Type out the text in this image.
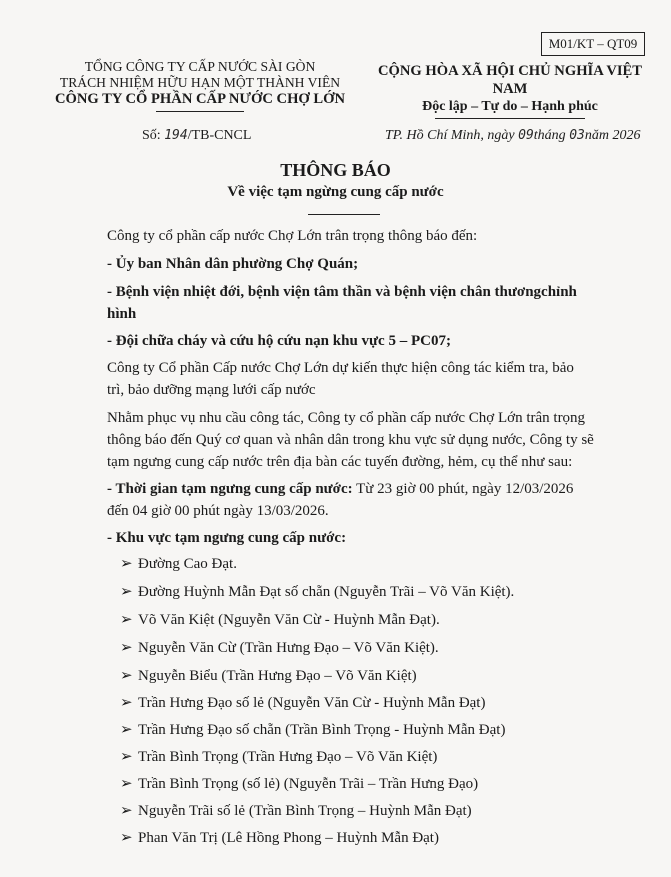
M01/KT – QT09
TỔNG CÔNG TY CẤP NƯỚC SÀI GÒN
TRÁCH NHIỆM HỮU HẠN MỘT THÀNH VIÊN
CÔNG TY CỔ PHẦN CẤP NƯỚC CHỢ LỚN
CỘNG HÒA XÃ HỘI CHỦ NGHĨA VIỆT NAM
Độc lập – Tự do – Hạnh phúc
Số: 194/TB-CNCL	TP. Hồ Chí Minh, ngày 09tháng 03năm 2026
THÔNG BÁO
Về việc tạm ngừng cung cấp nước
Công ty cổ phần cấp nước Chợ Lớn trân trọng thông báo đến:
- Ủy ban Nhân dân phường Chợ Quán;
- Bệnh viện nhiệt đới, bệnh viện tâm thần và bệnh viện chân thươngchỉnh
hình
- Đội chữa cháy và cứu hộ cứu nạn khu vực 5 – PC07;
Công ty Cổ phần Cấp nước Chợ Lớn dự kiến thực hiện công tác kiểm tra, bảo
trì, bảo dưỡng mạng lưới cấp nước
Nhằm phục vụ nhu cầu công tác, Công ty cổ phần cấp nước Chợ Lớn trân trọng
thông báo đến Quý cơ quan và nhân dân trong khu vực sử dụng nước, Công ty sẽ
tạm ngưng cung cấp nước trên địa bàn các tuyến đường, hẻm, cụ thể như sau:
- Thời gian tạm ngưng cung cấp nước: Từ 23 giờ 00 phút, ngày 12/03/2026
đến 04 giờ 00 phút ngày 13/03/2026.
- Khu vực tạm ngưng cung cấp nước:
➢ Đường Cao Đạt.
➢ Đường Huỳnh Mẫn Đạt số chẵn (Nguyễn Trãi – Võ Văn Kiệt).
➢ Võ Văn Kiệt (Nguyễn Văn Cừ - Huỳnh Mẫn Đạt).
➢ Nguyễn Văn Cừ (Trần Hưng Đạo – Võ Văn Kiệt).
➢ Nguyễn Biểu (Trần Hưng Đạo – Võ Văn Kiệt)
➢ Trần Hưng Đạo số lẻ (Nguyễn Văn Cừ - Huỳnh Mẫn Đạt)
➢ Trần Hưng Đạo số chẵn (Trần Bình Trọng - Huỳnh Mẫn Đạt)
➢ Trần Bình Trọng (Trần Hưng Đạo – Võ Văn Kiệt)
➢ Trần Bình Trọng (số lẻ) (Nguyễn Trãi – Trần Hưng Đạo)
➢ Nguyễn Trãi số lẻ (Trần Bình Trọng – Huỳnh Mẫn Đạt)
➢ Phan Văn Trị (Lê Hồng Phong – Huỳnh Mẫn Đạt)
